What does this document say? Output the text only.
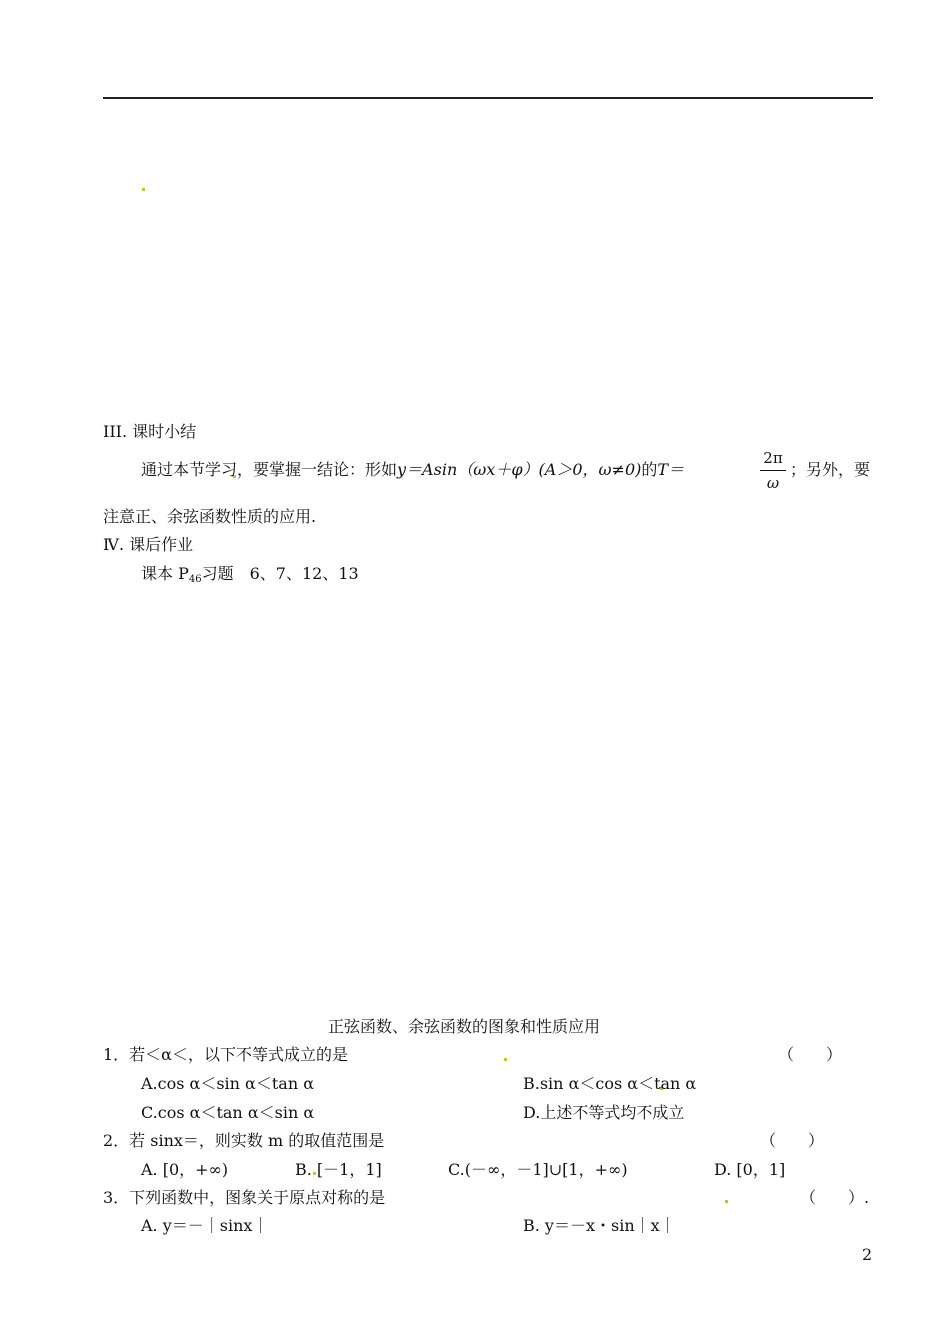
III. 课时小结
通过本节学习，要掌握一结论：形如y＝Asin（ωx＋φ）(A＞0，ω≠0)的T＝
2π
ω
；另外，要
注意正、余弦函数性质的应用.
Ⅳ. 课后作业
课本 $P_{46}$习题　6、7、12、13
正弦函数、余弦函数的图象和性质应用
1．若＜α＜，以下不等式成立的是	（　　）
A.cos α＜sin α＜tan α	B.sin α＜cos α＜tan α
C.cos α＜tan α＜sin α	D.上述不等式均不成立
2．若 sinx＝，则实数 m 的取值范围是	（　　）
A. [0，+∞)	B. [－1，1]	C.(－∞，－1]∪[1，+∞)	D. [0，1]
3．下列函数中，图象关于原点对称的是	（　　）.
A. y＝－｜sinx｜	B. y＝－x・sin｜x｜
2
